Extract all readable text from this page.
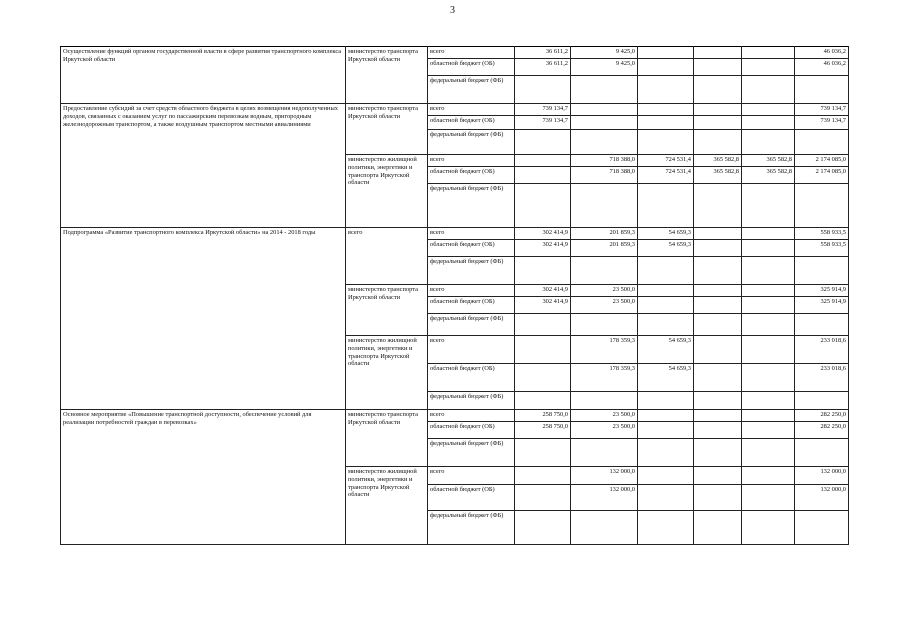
3
Осуществление функций органом государственной власти в сфере развития транспортного комплекса Иркутской области	министерство транспорта Иркутской области	всего	36 611,2	9 425,0				46 036,2
		областной бюджет (ОБ)	36 611,2	9 425,0				46 036,2
		федеральный бюджет (ФБ)						
Предоставление субсидий за счет средств областного бюджета в целях возмещения недополученных доходов, связанных с оказанием услуг по пассажирским перевозкам водным, пригородным железнодорожным транспортом, а также воздушным транспортом местными авиалиниями	министерство транспорта Иркутской области	всего	739 134,7					739 134,7
		областной бюджет (ОБ)	739 134,7					739 134,7
		федеральный бюджет (ФБ)						
	министерство жилищной политики, энергетики и транспорта Иркутской области	всего		718 388,0	724 531,4	365 582,8	365 582,8	2 174 085,0
		областной бюджет (ОБ)		718 388,0	724 531,4	365 582,8	365 582,8	2 174 085,0
		федеральный бюджет (ФБ)						
Подпрограмма «Развитие транспортного комплекса Иркутской области» на 2014 - 2018 годы	всего	всего	302 414,9	201 859,3	54 659,3			558 933,5
		областной бюджет (ОБ)	302 414,9	201 859,3	54 659,3			558 933,5
		федеральный бюджет (ФБ)						
	министерство транспорта Иркутской области	всего	302 414,9	23 500,0				325 914,9
		областной бюджет (ОБ)	302 414,9	23 500,0				325 914,9
		федеральный бюджет (ФБ)						
	министерство жилищной политики, энергетики и транспорта Иркутской области	всего		178 359,3	54 659,3			233 018,6
		областной бюджет (ОБ)		178 359,3	54 659,3			233 018,6
		федеральный бюджет (ФБ)						
Основное мероприятие «Повышение транспортной доступности, обеспечение условий для реализации потребностей граждан в перевозках»	министерство транспорта Иркутской области	всего	258 750,0	23 500,0				282 250,0
		областной бюджет (ОБ)	258 750,0	23 500,0				282 250,0
		федеральный бюджет (ФБ)						
	министерство жилищной политики, энергетики и транспорта Иркутской области	всего		132 000,0				132 000,0
		областной бюджет (ОБ)		132 000,0				132 000,0
		федеральный бюджет (ФБ)						
